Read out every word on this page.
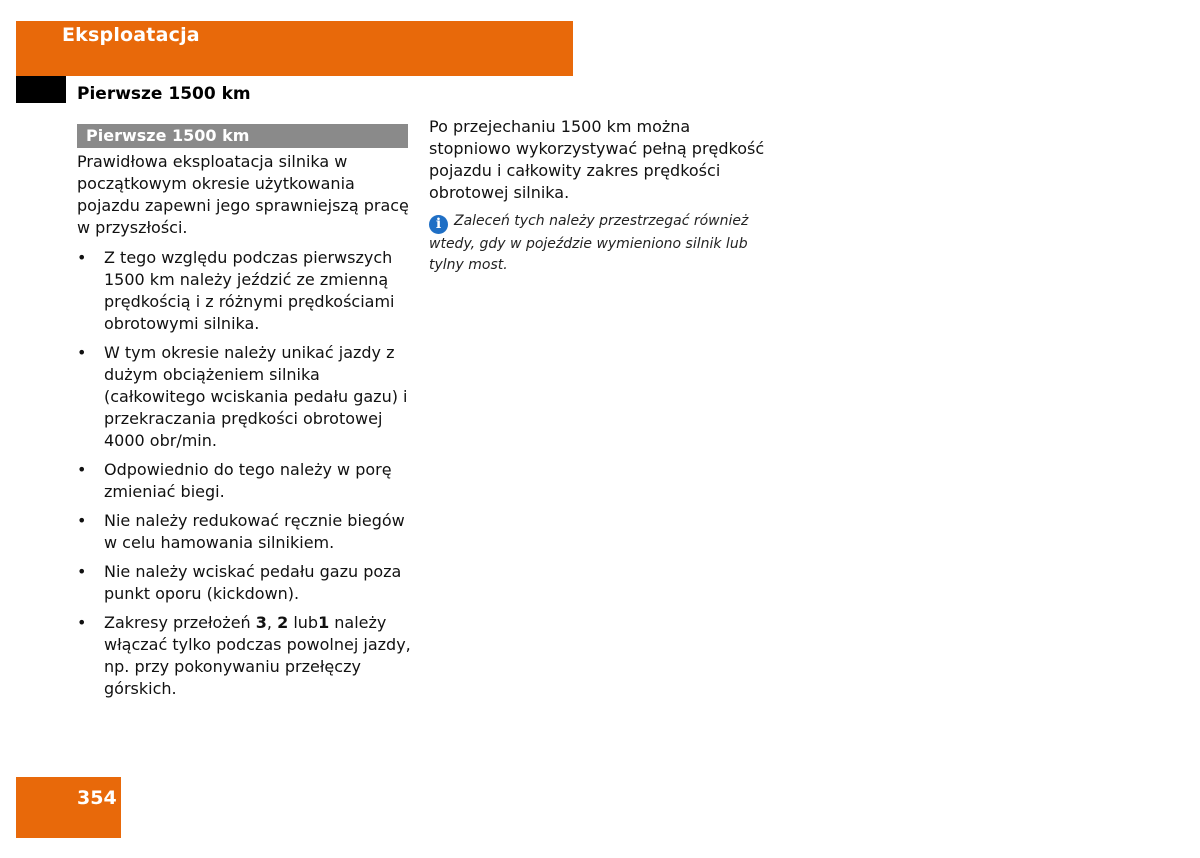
Eksploatacja
Pierwsze 1500 km
Pierwsze 1500 km

Prawidłowa eksploatacja silnika w początkowym okresie użytkowania pojazdu zapewni jego sprawniejszą pracę w przyszłości.

• Z tego względu podczas pierwszych 1500 km należy jeździć ze zmienną prędkością i z różnymi prędkościami obrotowymi silnika.
• W tym okresie należy unikać jazdy z dużym obciążeniem silnika (całkowitego wciskania pedału gazu) i przekraczania prędkości obrotowej 4000 obr/min.
• Odpowiednio do tego należy w porę zmieniać biegi.
• Nie należy redukować ręcznie biegów w celu hamowania silnikiem.
• Nie należy wciskać pedału gazu poza punkt oporu (kickdown).
• Zakresy przełożeń 3, 2 lub1 należy włączać tylko podczas powolnej jazdy, np. przy pokonywaniu przełęczy górskich.

Po przejechaniu 1500 km można stopniowo wykorzystywać pełną prędkość pojazdu i całkowity zakres prędkości obrotowej silnika.

i Zaleceń tych należy przestrzegać również wtedy, gdy w pojeździe wymieniono silnik lub tylny most.

354
